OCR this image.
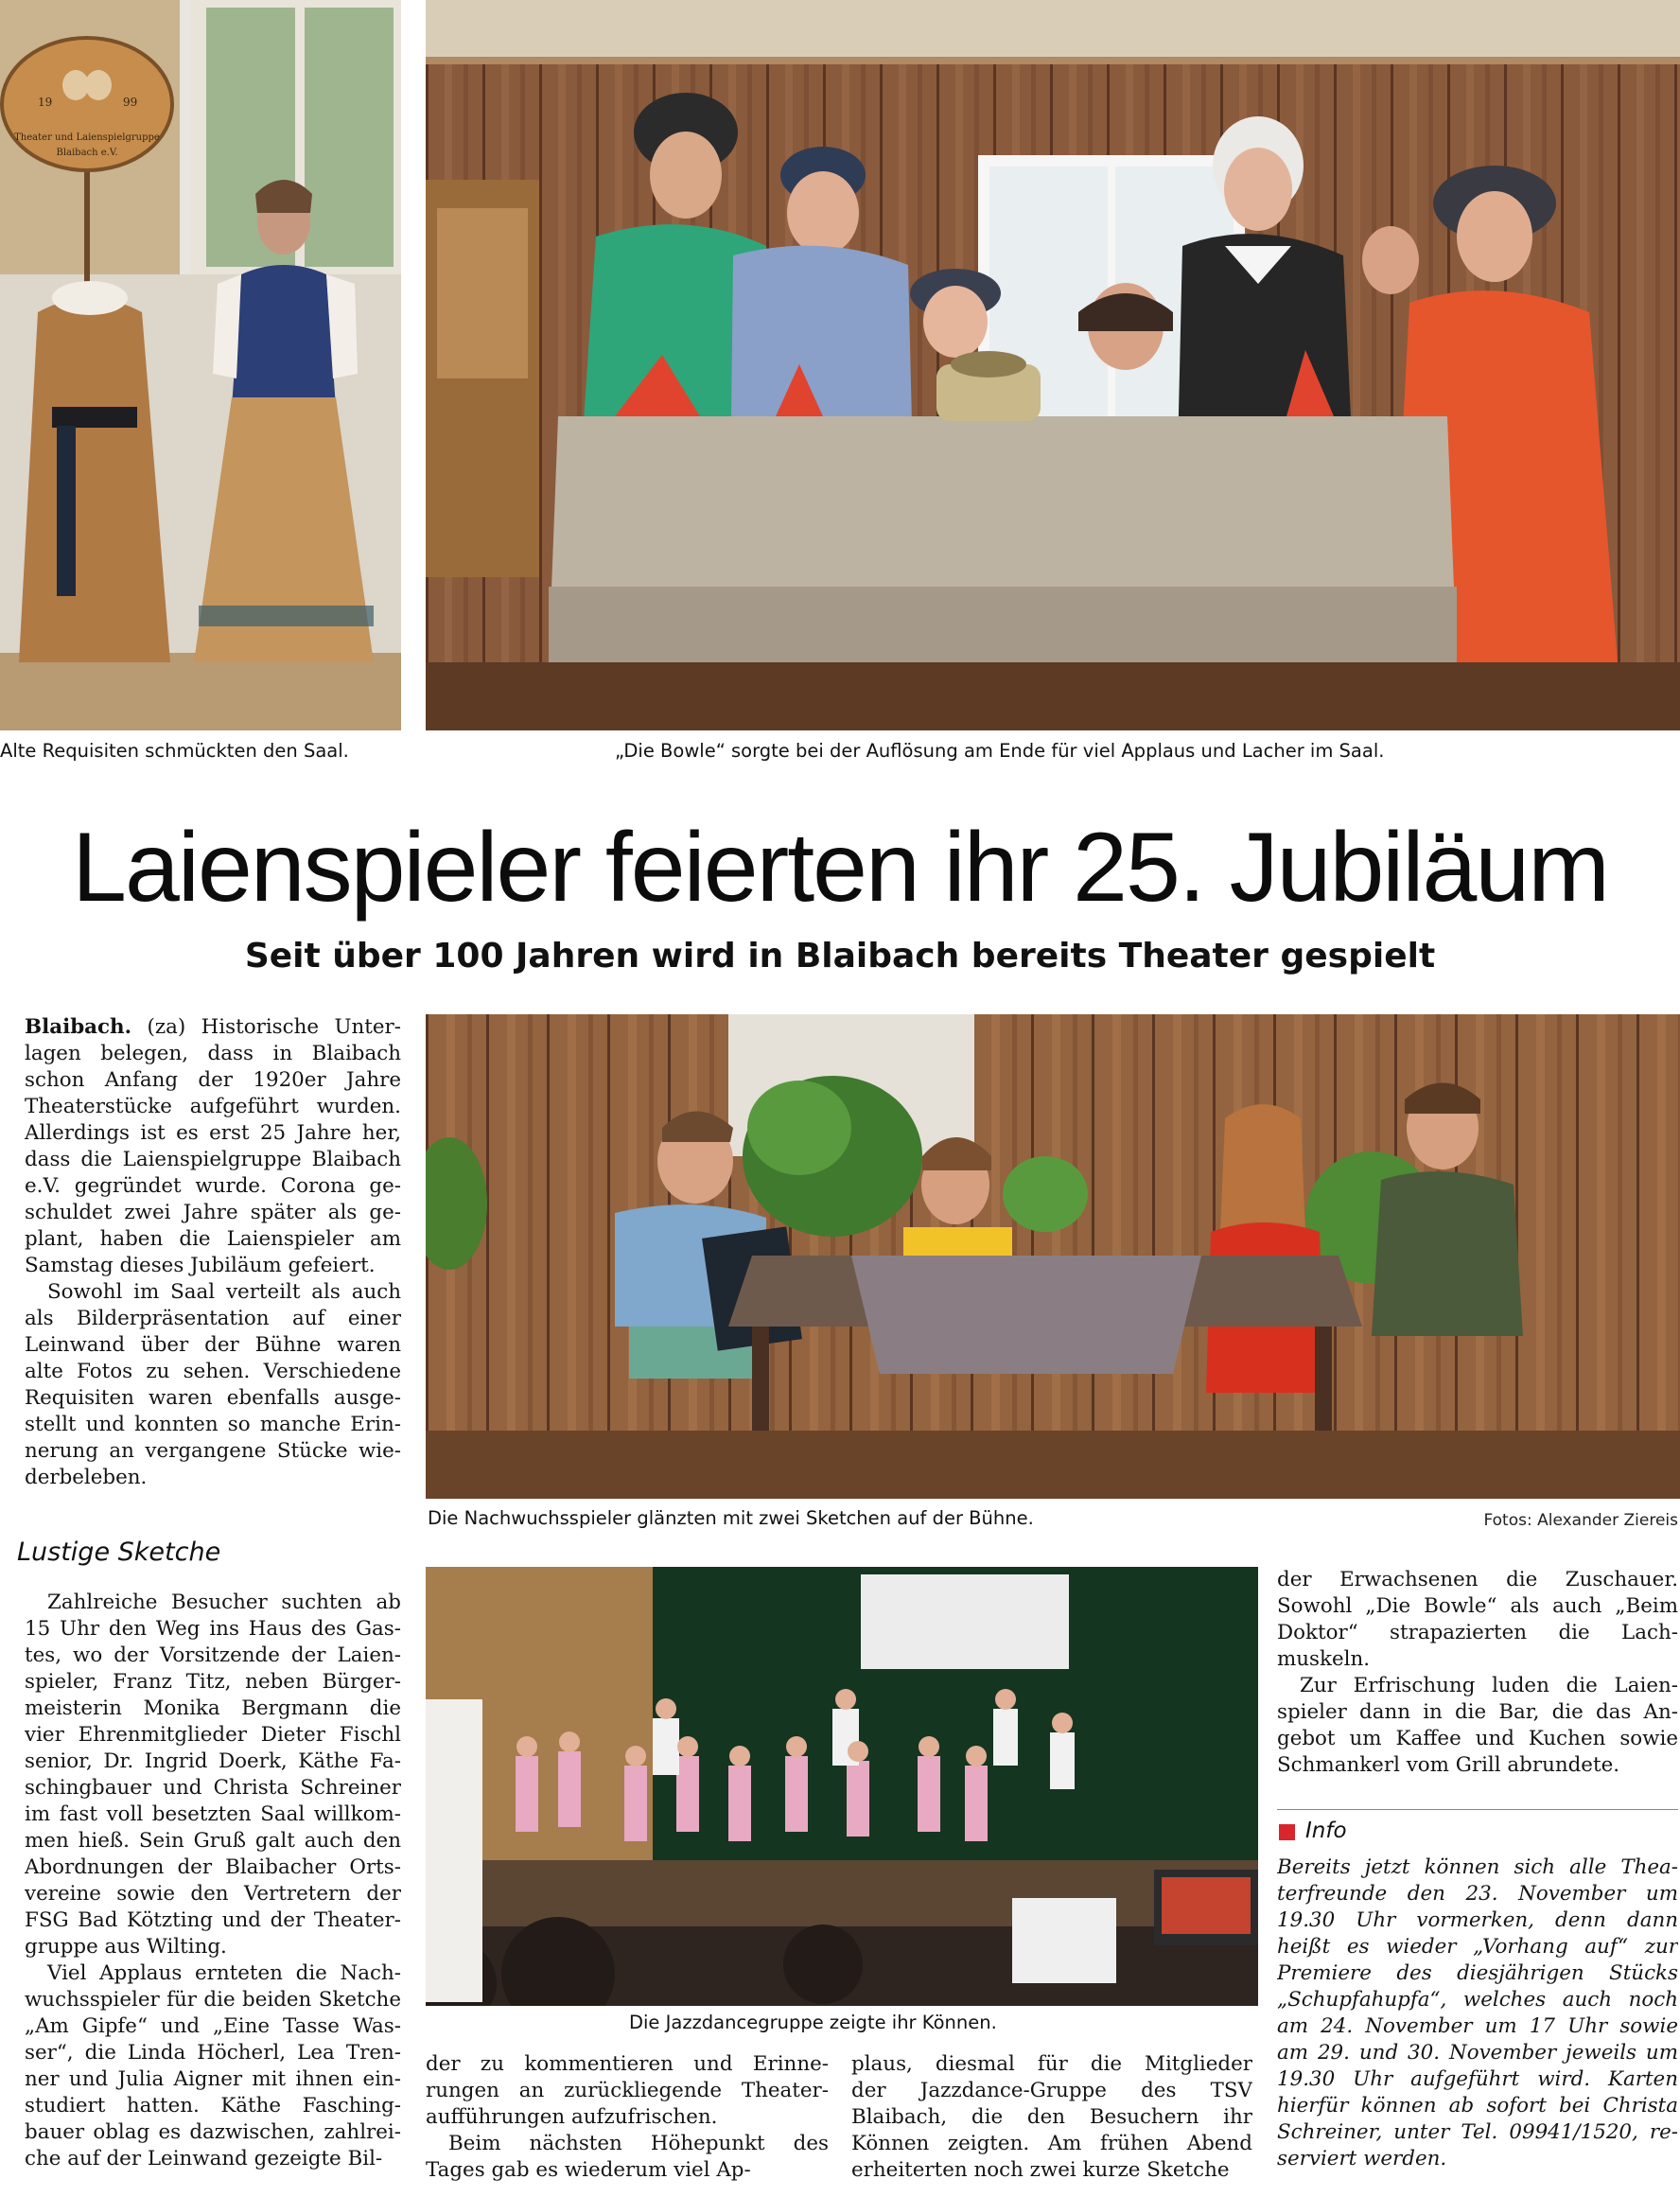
19	99
Theater und Laienspielgruppe
Blaibach e.V.
Alte Requisiten schmückten den Saal.	„Die Bowle“ sorgte bei der Auflösung am Ende für viel Applaus und Lacher im Saal.
Laienspieler feierten ihr 25. Jubiläum
Seit über 100 Jahren wird in Blaibach bereits Theater gespielt
Die Nachwuchsspieler glänzten mit zwei Sketchen auf der Bühne.	Fotos: Alexander Ziereis
Die Jazzdancegruppe zeigte ihr Können.
Blaibach. (za) Historische Unter-
lagen belegen, dass in Blaibach
schon Anfang der 1920er Jahre
Theaterstücke aufgeführt wurden.
Allerdings ist es erst 25 Jahre her,
dass die Laienspielgruppe Blaibach
e.V. gegründet wurde. Corona ge-
schuldet zwei Jahre später als ge-
plant, haben die Laienspieler am
Samstag dieses Jubiläum gefeiert.
Sowohl im Saal verteilt als auch
als Bilderpräsentation auf einer
Leinwand über der Bühne waren
alte Fotos zu sehen. Verschiedene
Requisiten waren ebenfalls ausge-
stellt und konnten so manche Erin-
nerung an vergangene Stücke wie-
derbeleben.
Lustige Sketche
Zahlreiche Besucher suchten ab
15 Uhr den Weg ins Haus des Gas-
tes, wo der Vorsitzende der Laien-
spieler, Franz Titz, neben Bürger-
meisterin Monika Bergmann die
vier Ehrenmitglieder Dieter Fischl
senior, Dr. Ingrid Doerk, Käthe Fa-
schingbauer und Christa Schreiner
im fast voll besetzten Saal willkom-
men hieß. Sein Gruß galt auch den
Abordnungen der Blaibacher Orts-
vereine sowie den Vertretern der
FSG Bad Kötzting und der Theater-
gruppe aus Wilting.
Viel Applaus ernteten die Nach-
wuchsspieler für die beiden Sketche
„Am Gipfe“ und „Eine Tasse Was-
ser“, die Linda Höcherl, Lea Tren-
ner und Julia Aigner mit ihnen ein-
studiert hatten. Käthe Fasching-
bauer oblag es dazwischen, zahlrei-
che auf der Leinwand gezeigte Bil-
der zu kommentieren und Erinne-
rungen an zurückliegende Theater-
aufführungen aufzufrischen.
Beim nächsten Höhepunkt des
Tages gab es wiederum viel Ap-
plaus, diesmal für die Mitglieder
der Jazzdance-Gruppe des TSV
Blaibach, die den Besuchern ihr
Können zeigten. Am frühen Abend
erheiterten noch zwei kurze Sketche
der Erwachsenen die Zuschauer.
Sowohl „Die Bowle“ als auch „Beim
Doktor“ strapazierten die Lach-
muskeln.
Zur Erfrischung luden die Laien-
spieler dann in die Bar, die das An-
gebot um Kaffee und Kuchen sowie
Schmankerl vom Grill abrundete.
Info
Bereits jetzt können sich alle Thea-
terfreunde den 23. November um
19.30 Uhr vormerken, denn dann
heißt es wieder „Vorhang auf“ zur
Premiere des diesjährigen Stücks
„Schupfahupfa“, welches auch noch
am 24. November um 17 Uhr sowie
am 29. und 30. November jeweils um
19.30 Uhr aufgeführt wird. Karten
hierfür können ab sofort bei Christa
Schreiner, unter Tel. 09941/1520, re-
serviert werden.
